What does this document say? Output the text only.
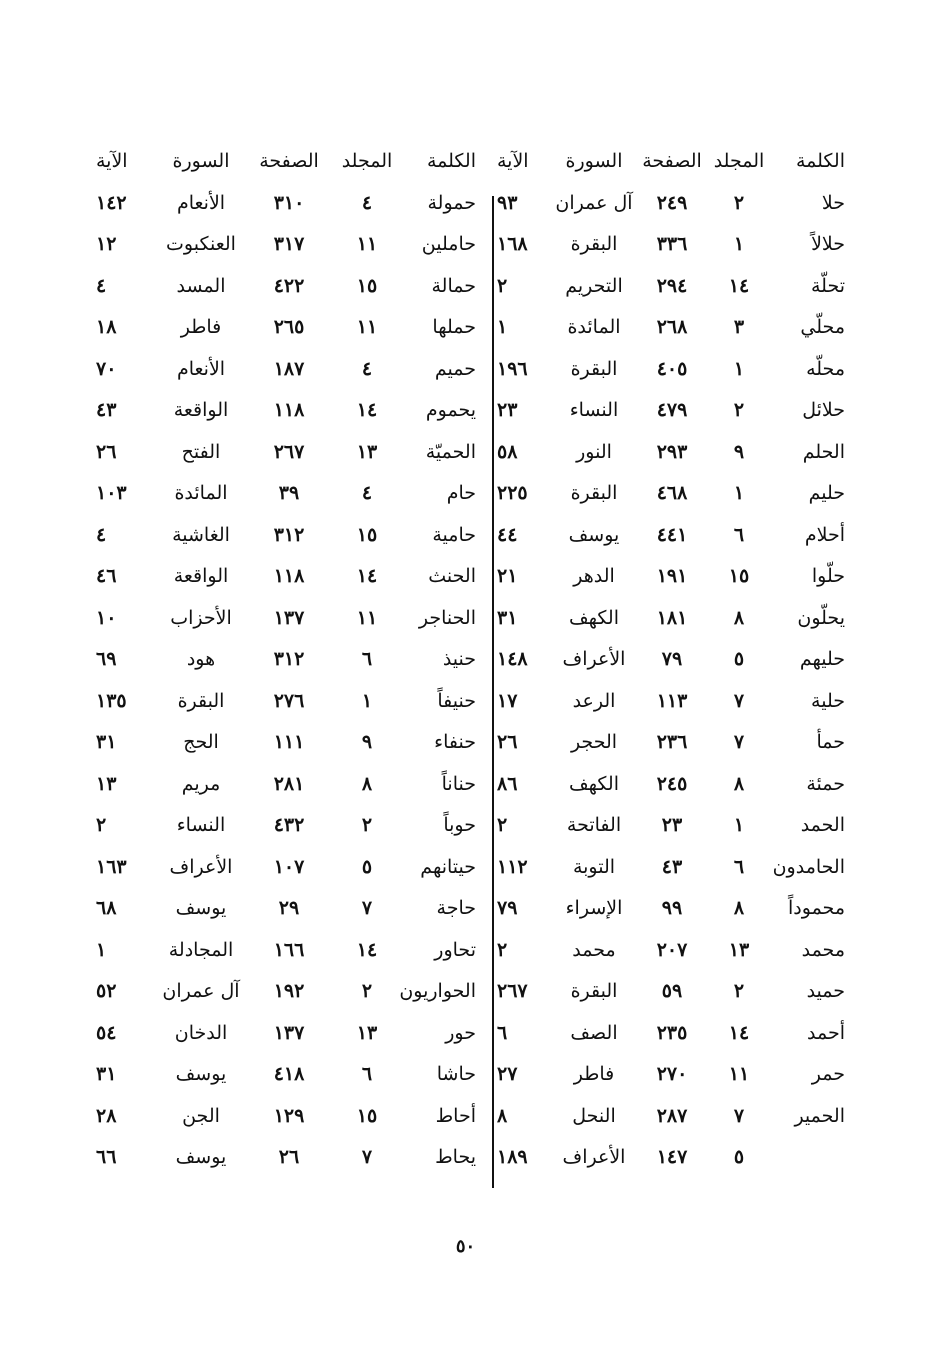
الكلمة
المجلد
الصفحة
السورة
الآية
حلا
٢
٢٤٩
آل عمران
٩٣
حلالاً
١
٣٣٦
البقرة
١٦٨
تحلّة
١٤
٢٩٤
التحريم
٢
محلّي
٣
٢٦٨
المائدة
١
محلّه
١
٤٠٥
البقرة
١٩٦
حلائل
٢
٤٧٩
النساء
٢٣
الحلم
٩
٢٩٣
النور
٥٨
حليم
١
٤٦٨
البقرة
٢٢٥
أحلام
٦
٤٤١
يوسف
٤٤
حلّوا
١٥
١٩١
الدهر
٢١
يحلّون
٨
١٨١
الكهف
٣١
حليهم
٥
٧٩
الأعراف
١٤٨
حلية
٧
١١٣
الرعد
١٧
حمأ
٧
٢٣٦
الحجر
٢٦
حمئة
٨
٢٤٥
الكهف
٨٦
الحمد
١
٢٣
الفاتحة
٢
الحامدون
٦
٤٣
التوبة
١١٢
محموداً
٨
٩٩
الإسراء
٧٩
محمد
١٣
٢٠٧
محمد
٢
حميد
٢
٥٩
البقرة
٢٦٧
أحمد
١٤
٢٣٥
الصف
٦
حمر
١١
٢٧٠
فاطر
٢٧
الحمير
٧
٢٨٧
النحل
٨
٥
١٤٧
الأعراف
١٨٩
الكلمة
المجلد
الصفحة
السورة
الآية
حمولة
٤
٣١٠
الأنعام
١٤٢
حاملين
١١
٣١٧
العنكبوت
١٢
حمالة
١٥
٤٢٢
المسد
٤
حملها
١١
٢٦٥
فاطر
١٨
حميم
٤
١٨٧
الأنعام
٧٠
يحموم
١٤
١١٨
الواقعة
٤٣
الحميّة
١٣
٢٦٧
الفتح
٢٦
حام
٤
٣٩
المائدة
١٠٣
حامية
١٥
٣١٢
الغاشية
٤
الحنث
١٤
١١٨
الواقعة
٤٦
الحناجر
١١
١٣٧
الأحزاب
١٠
حنيذ
٦
٣١٢
هود
٦٩
حنيفاً
١
٢٧٦
البقرة
١٣٥
حنفاء
٩
١١١
الحج
٣١
حناناً
٨
٢٨١
مريم
١٣
حوباً
٢
٤٣٢
النساء
٢
حيتانهم
٥
١٠٧
الأعراف
١٦٣
حاجة
٧
٢٩
يوسف
٦٨
تحاور
١٤
١٦٦
المجادلة
١
الحواريون
٢
١٩٢
آل عمران
٥٢
حور
١٣
١٣٧
الدخان
٥٤
حاشا
٦
٤١٨
يوسف
٣١
أحاط
١٥
١٢٩
الجن
٢٨
يحاط
٧
٢٦
يوسف
٦٦
٥٠
